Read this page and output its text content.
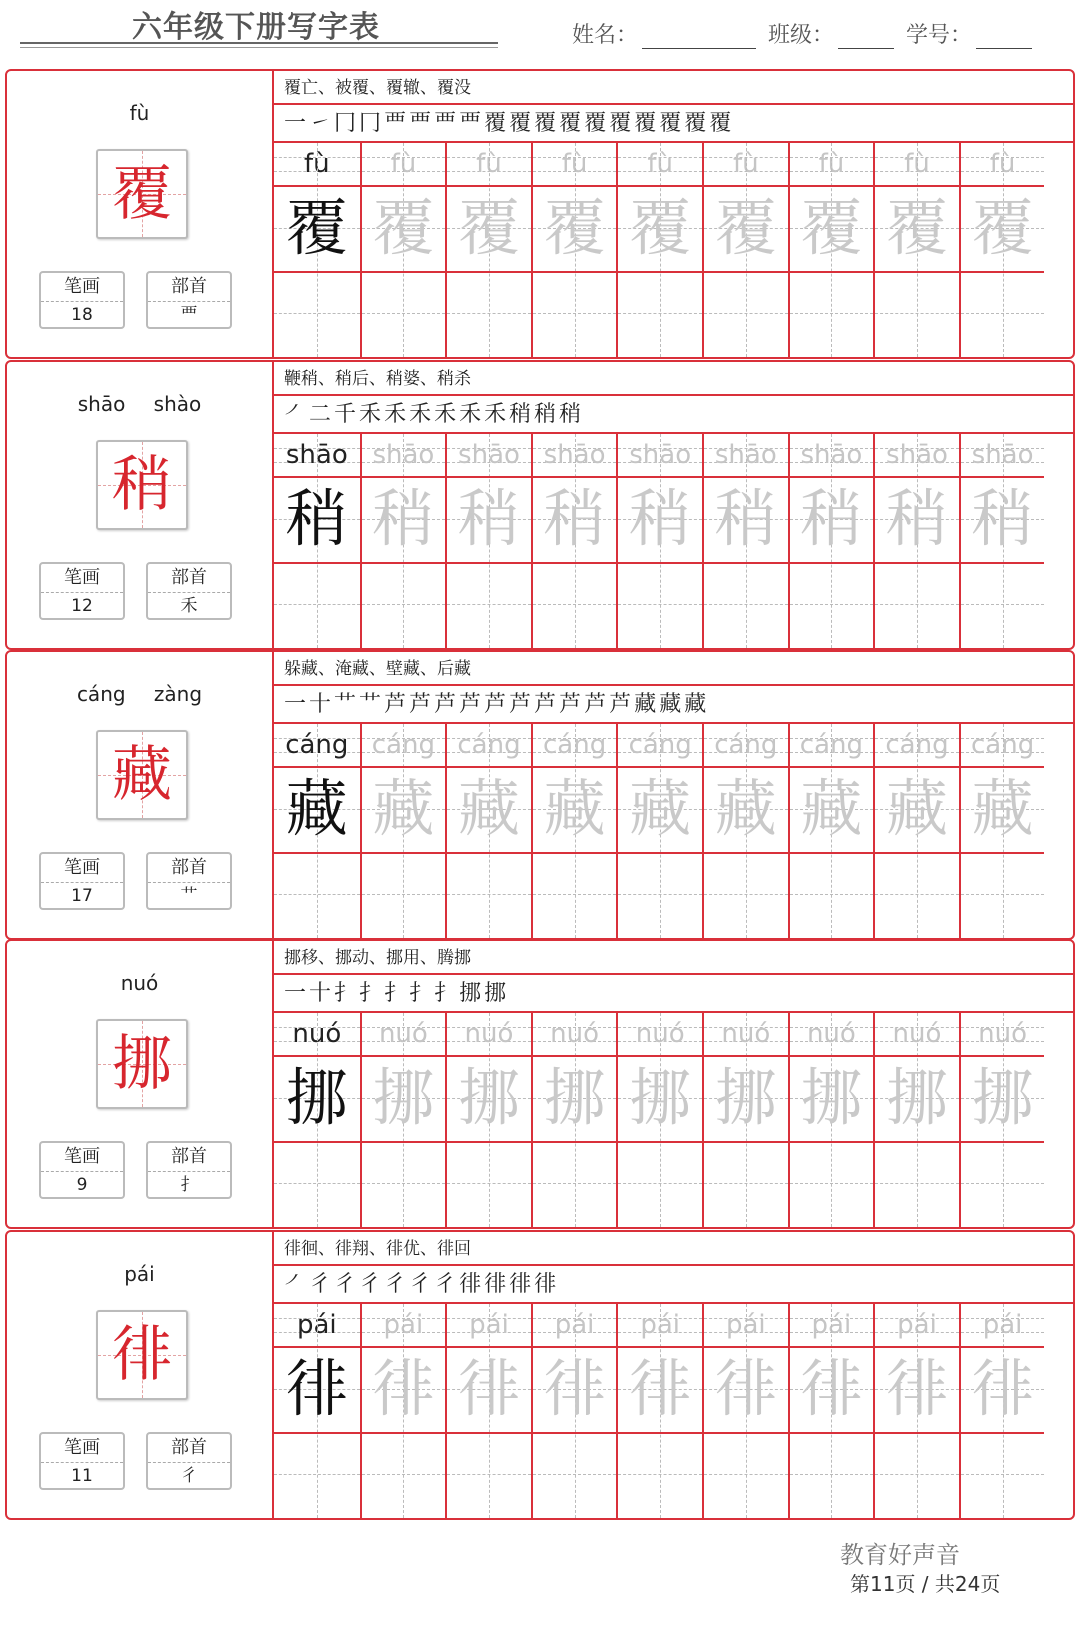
六年级下册写字表	姓名：	班级：	学号：
fù
覆
笔画
18
部首
覀
覆亡、被覆、覆辙、覆没
一 ㇀ 冂 冂 覀 覀 覀 覀 覆 覆 覆 覆 覆 覆 覆 覆 覆 覆
fù
覆
fù
覆
fù
覆
fù
覆
fù
覆
fù
覆
fù
覆
fù
覆
fù
覆
shāo shào
稍
笔画
12
部首
禾
鞭稍、稍后、稍婆、稍杀
㇒ 二 千 禾 禾 禾 禾 禾 禾 稍 稍 稍
shāo
稍
shāo
稍
shāo
稍
shāo
稍
shāo
稍
shāo
稍
shāo
稍
shāo
稍
shāo
稍
cáng zàng
藏
笔画
17
部首
艹
躲藏、淹藏、壁藏、后藏
一 十 艹 艹 芦 芦 芦 芦 芦 芦 芦 芦 芦 芦 藏 藏 藏
cáng
藏
cáng
藏
cáng
藏
cáng
藏
cáng
藏
cáng
藏
cáng
藏
cáng
藏
cáng
藏
nuó
挪
笔画
9
部首
扌
挪移、挪动、挪用、腾挪
一 十 扌 扌 扌 扌 扌 挪 挪
nuó
挪
nuó
挪
nuó
挪
nuó
挪
nuó
挪
nuó
挪
nuó
挪
nuó
挪
nuó
挪
pái
徘
笔画
11
部首
彳
徘徊、徘翔、徘优、徘回
㇒ 彳 彳 彳 彳 彳 彳 徘 徘 徘 徘
pái
徘
pái
徘
pái
徘
pái
徘
pái
徘
pái
徘
pái
徘
pái
徘
pái
徘
教育好声音
第11页 / 共24页
